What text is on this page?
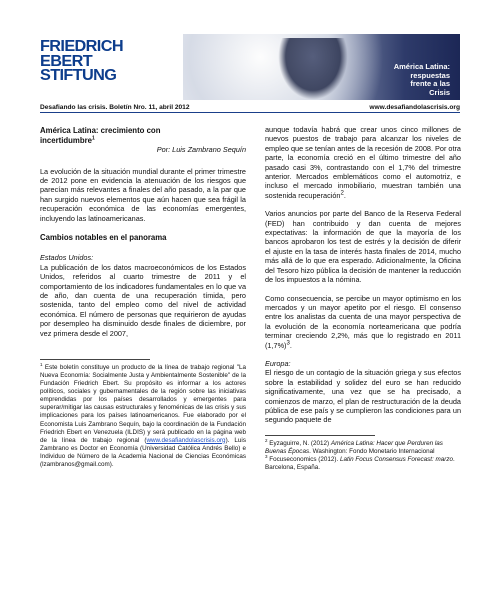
FRIEDRICH
EBERT
STIFTUNG
América Latina:
respuestas
frente a las
Crisis
Desafiando las crisis. Boletín Nro. 11, abril 2012	www.desafiandolascrisis.org

América Latina: crecimiento con
incertidumbre$^1$

Por: Luis Zambrano Sequín

La evolución de la situación mundial durante el primer trimestre de 2012 pone en evidencia la atenuación de los riesgos que parecían más relevantes a finales del año pasado, a la par que han surgido nuevos elementos que aún hacen que sea frágil la recuperación económica de las economías emergentes, incluyendo las latinoamericanas.

Cambios notables en el panorama

Estados Unidos:

La publicación de los datos macroeconómicos de los Estados Unidos, referidos al cuarto trimestre de 2011 y el comportamiento de los indicadores fundamentales en lo que va de año, dan cuenta de una recuperación tímida, pero sostenida, tanto del empleo como del nivel de actividad económica. El número de personas que requirieron de ayudas por desempleo ha disminuido desde finales de diciembre, por vez primera desde el 2007,

$^1$ Este boletín constituye un producto de la línea de trabajo regional "La Nueva Economía: Socialmente Justa y Ambientalmente Sostenible" de la Fundación Friedrich Ebert. Su propósito es informar a los actores políticos, sociales y gubernamentales de la región sobre las iniciativas emprendidas por los países desarrollados y emergentes para superar/mitigar las causas estructurales y fenoménicas de las crisis y sus implicaciones para los países latinoamericanos. Fue elaborado por el Economista Luis Zambrano Sequín, bajo la coordinación de la Fundación Friedrich Ebert en Venezuela (ILDIS) y será publicado en la página web de la línea de trabajo regional (www.desafiandolascrisis.org). Luis Zambrano es Doctor en Economía (Universidad Católica Andrés Bello) e Individuo de Número de la Academia Nacional de Ciencias Económicas (lzambranos@gmail.com).

aunque todavía habrá que crear unos cinco millones de nuevos puestos de trabajo para alcanzar los niveles de empleo que se tenían antes de la recesión de 2008. Por otra parte, la economía creció en el último trimestre del año pasado casi 3%, contrastando con el 1,7% del trimestre anterior. Mercados emblemáticos como el automotriz, e incluso el mercado inmobiliario, muestran también una sostenida recuperación$^2$.

Varios anuncios por parte del Banco de la Reserva Federal (FED) han contribuido y dan cuenta de mejores expectativas: la información de que la mayoría de los bancos aprobaron los test de estrés y la decisión de diferir el ajuste en la tasa de interés hasta finales de 2014, mucho más allá de lo que era esperado. Adicionalmente, la Oficina del Tesoro hizo pública la decisión de mantener la reducción de los impuestos a la nómina.

Como consecuencia, se percibe un mayor optimismo en los mercados y un mayor apetito por el riesgo. El consenso entre los analistas da cuenta de una mayor perspectiva de la evolución de la economía norteamericana que podría terminar creciendo 2,2%, más que lo registrado en 2011 $(1,7\%)^3$.

Europa:

El riesgo de un contagio de la situación griega y sus efectos sobre la estabilidad y solidez del euro se han reducido significativamente, una vez que se ha precisado, a comienzos de marzo, el plan de restructuración de la deuda pública de ese país y se cumplieron las condiciones para un segundo paquete de

$^2$ Eyzaguirre, N. (2012) América Latina: Hacer que Perduren las Buenas Épocas. Washington: Fondo Monetario Internacional

$^3$ Focuseconomics (2012). Latin Focus Consensus Forecast: marzo. Barcelona, España.
